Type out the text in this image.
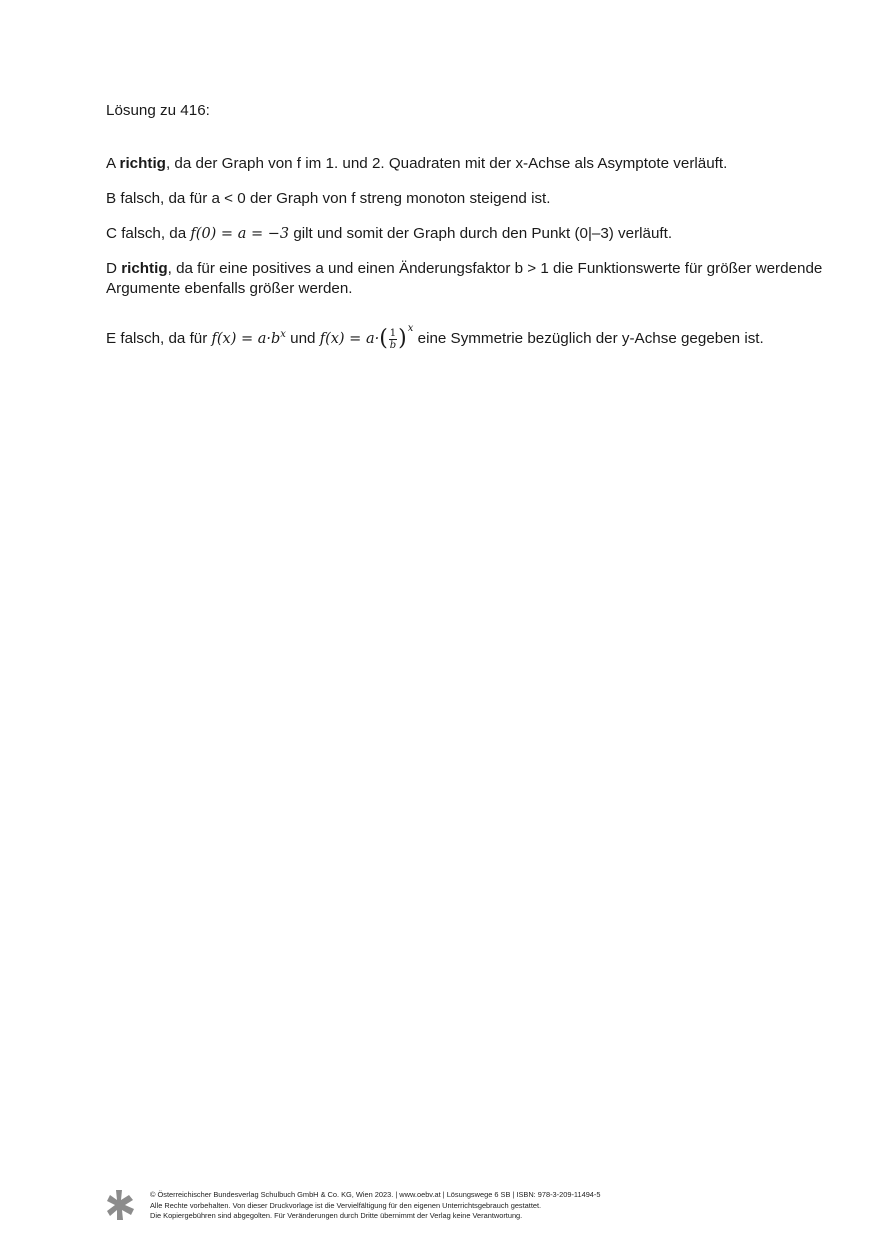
Lösung zu 416:

A richtig, da der Graph von f im 1. und 2. Quadraten mit der x-Achse als Asymptote verläuft.

B falsch, da für a < 0 der Graph von f streng monoton steigend ist.

C falsch, da f(0) = a = −3 gilt und somit der Graph durch den Punkt (0|–3) verläuft.

D richtig, da für eine positives a und einen Änderungsfaktor b > 1 die Funktionswerte für größer werdende
Argumente ebenfalls größer werden.

E falsch, da für $f(x) = a\cdot b^x$ und f(x) = a· ( $\frac{1}{b}$ ) $^x$ eine Symmetrie bezüglich der y-Achse gegeben ist.

© Österreichischer Bundesverlag Schulbuch GmbH & Co. KG, Wien 2023. | www.oebv.at | Lösungswege 6 SB | ISBN: 978-3-209-11494-5
Alle Rechte vorbehalten. Von dieser Druckvorlage ist die Vervielfältigung für den eigenen Unterrichtsgebrauch gestattet.
Die Kopiergebühren sind abgegolten. Für Veränderungen durch Dritte übernimmt der Verlag keine Verantwortung.
